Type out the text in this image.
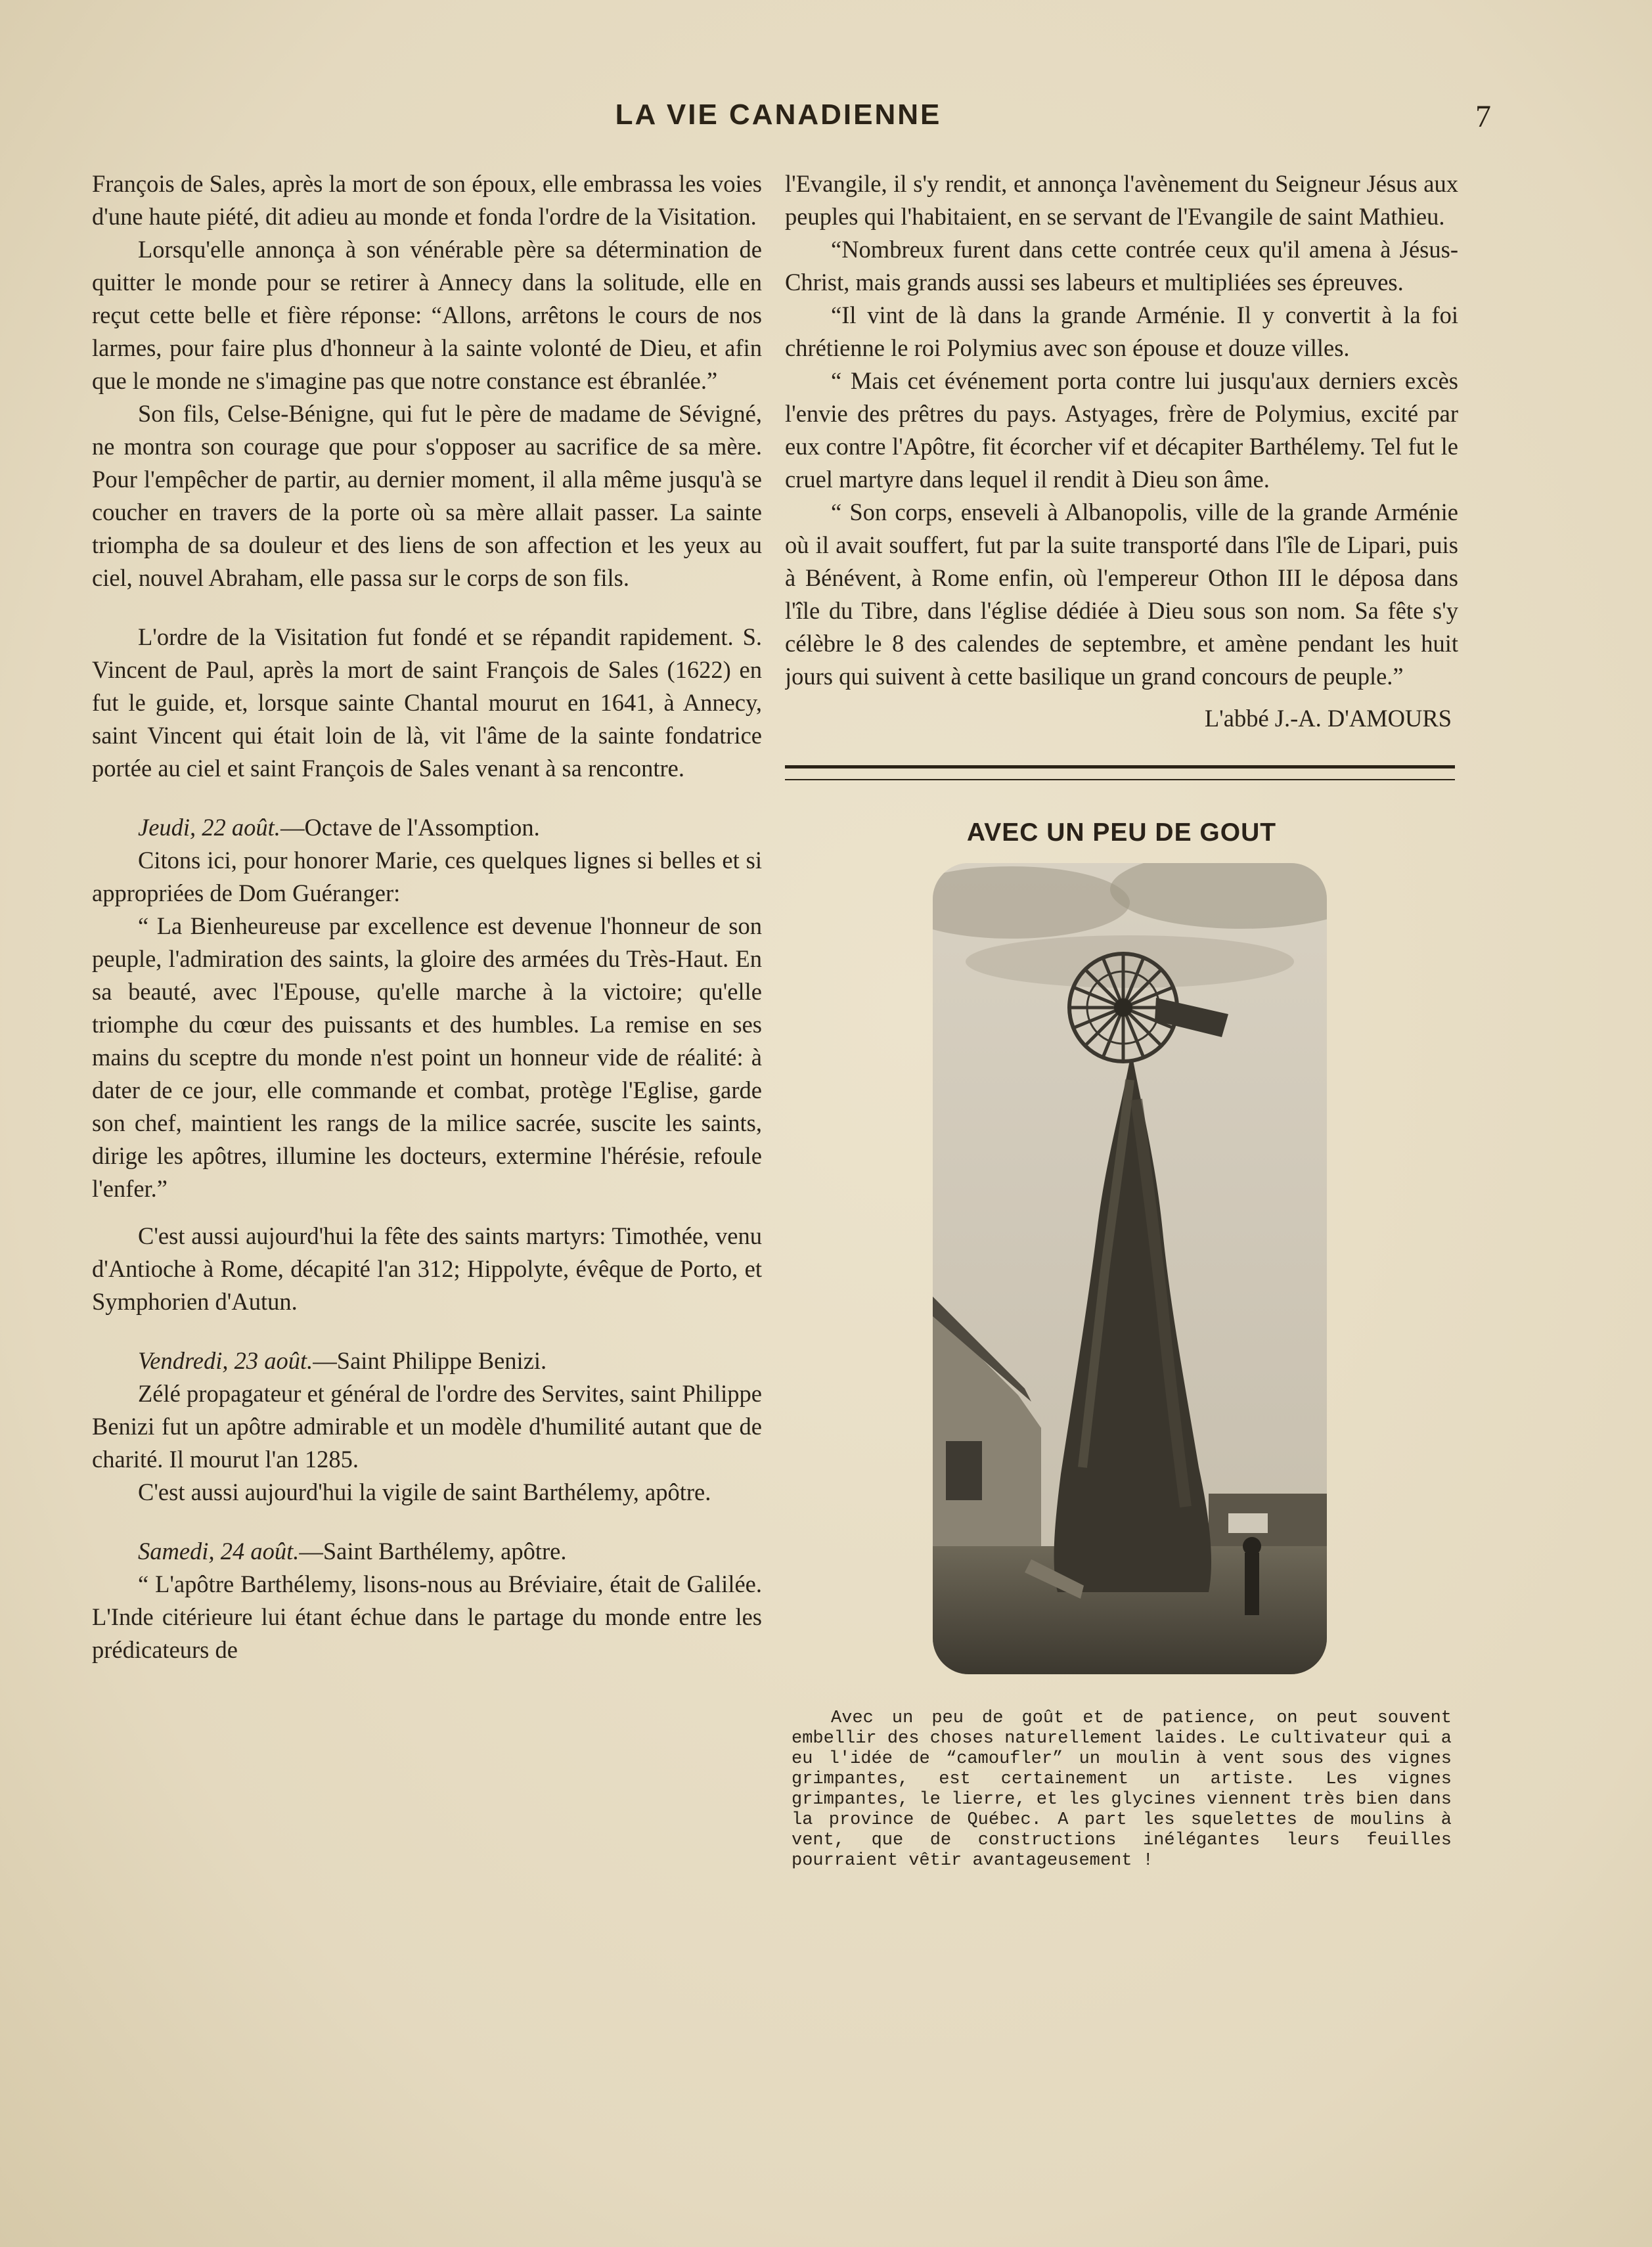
LA VIE CANADIENNE	7

François de Sales, après la mort de son époux, elle embrassa les voies d'une haute piété, dit adieu au monde et fonda l'ordre de la Visitation.

Lorsqu'elle annonça à son vénérable père sa détermination de quitter le monde pour se retirer à Annecy dans la solitude, elle en reçut cette belle et fière réponse: “Allons, arrêtons le cours de nos larmes, pour faire plus d'honneur à la sainte volonté de Dieu, et afin que le monde ne s'imagine pas que notre constance est ébranlée.”

Son fils, Celse-Bénigne, qui fut le père de madame de Sévigné, ne montra son courage que pour s'opposer au sacrifice de sa mère. Pour l'empêcher de partir, au dernier moment, il alla même jusqu'à se coucher en travers de la porte où sa mère allait passer. La sainte triompha de sa douleur et des liens de son affection et les yeux au ciel, nouvel Abraham, elle passa sur le corps de son fils.

L'ordre de la Visitation fut fondé et se répandit rapidement. S. Vincent de Paul, après la mort de saint François de Sales (1622) en fut le guide, et, lorsque sainte Chantal mourut en 1641, à Annecy, saint Vincent qui était loin de là, vit l'âme de la sainte fondatrice portée au ciel et saint François de Sales venant à sa rencontre.

Jeudi, 22 août.—Octave de l'Assomption.

Citons ici, pour honorer Marie, ces quelques lignes si belles et si appropriées de Dom Guéranger:

“ La Bienheureuse par excellence est devenue l'honneur de son peuple, l'admiration des saints, la gloire des armées du Très-Haut. En sa beauté, avec l'Epouse, qu'elle marche à la victoire; qu'elle triomphe du cœur des puissants et des humbles. La remise en ses mains du sceptre du monde n'est point un honneur vide de réalité: à dater de ce jour, elle commande et combat, protège l'Eglise, garde son chef, maintient les rangs de la milice sacrée, suscite les saints, dirige les apôtres, illumine les docteurs, extermine l'hérésie, refoule l'enfer.”

C'est aussi aujourd'hui la fête des saints martyrs: Timothée, venu d'Antioche à Rome, décapité l'an 312; Hippolyte, évêque de Porto, et Symphorien d'Autun.

Vendredi, 23 août.—Saint Philippe Benizi.

Zélé propagateur et général de l'ordre des Servites, saint Philippe Benizi fut un apôtre admirable et un modèle d'humilité autant que de charité. Il mourut l'an 1285.

C'est aussi aujourd'hui la vigile de saint Barthélemy, apôtre.

Samedi, 24 août.—Saint Barthélemy, apôtre.

“ L'apôtre Barthélemy, lisons-nous au Bréviaire, était de Galilée. L'Inde citérieure lui étant échue dans le partage du monde entre les prédicateurs de

l'Evangile, il s'y rendit, et annonça l'avènement du Seigneur Jésus aux peuples qui l'habitaient, en se servant de l'Evangile de saint Mathieu.

“Nombreux furent dans cette contrée ceux qu'il amena à Jésus-Christ, mais grands aussi ses labeurs et multipliées ses épreuves.

“Il vint de là dans la grande Arménie. Il y convertit à la foi chrétienne le roi Polymius avec son épouse et douze villes.

“ Mais cet événement porta contre lui jusqu'aux derniers excès l'envie des prêtres du pays. Astyages, frère de Polymius, excité par eux contre l'Apôtre, fit écorcher vif et décapiter Barthélemy. Tel fut le cruel martyre dans lequel il rendit à Dieu son âme.

“ Son corps, enseveli à Albanopolis, ville de la grande Arménie où il avait souffert, fut par la suite transporté dans l'île de Lipari, puis à Bénévent, à Rome enfin, où l'empereur Othon III le déposa dans l'île du Tibre, dans l'église dédiée à Dieu sous son nom. Sa fête s'y célèbre le 8 des calendes de septembre, et amène pendant les huit jours qui suivent à cette basilique un grand concours de peuple.”

L'abbé J.-A. D'AMOURS
AVEC UN PEU DE GOUT
Avec un peu de goût et de patience, on peut souvent embellir des choses naturellement laides. Le cultivateur qui a eu l'idée de “camoufler” un moulin à vent sous des vignes grimpantes, est certainement un artiste. Les vignes grimpantes, le lierre, et les glycines viennent très bien dans la province de Québec. A part les squelettes de moulins à vent, que de constructions inélégantes leurs feuilles pourraient vêtir avantageusement !
